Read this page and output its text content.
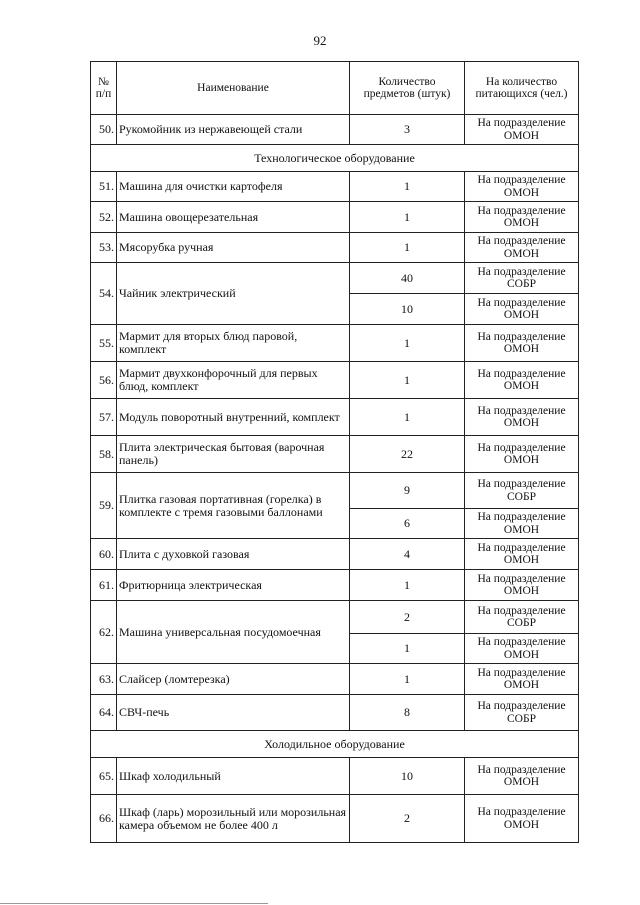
92
№ п/п	Наименование	Количество предметов (штук)	На количество питающихся (чел.)
50.	Рукомойник из нержавеющей стали	3	На подразделение ОМОН
Технологическое оборудование			
51.	Машина для очистки картофеля	1	На подразделение ОМОН
52.	Машина овощерезательная	1	На подразделение ОМОН
53.	Мясорубка ручная	1	На подразделение ОМОН
54.	Чайник электрический	40	На подразделение СОБР
		10	На подразделение ОМОН
55.	Мармит для вторых блюд паровой, комплект	1	На подразделение ОМОН
56.	Мармит двухконфорочный для первых блюд, комплект	1	На подразделение ОМОН
57.	Модуль поворотный внутренний, комплект	1	На подразделение ОМОН
58.	Плита электрическая бытовая (варочная панель)	22	На подразделение ОМОН
59.	Плитка газовая портативная (горелка) в комплекте с тремя газовыми баллонами	9	На подразделение СОБР
		6	На подразделение ОМОН
60.	Плита с духовкой газовая	4	На подразделение ОМОН
61.	Фритюрница электрическая	1	На подразделение ОМОН
62.	Машина универсальная посудомоечная	2	На подразделение СОБР
		1	На подразделение ОМОН
63.	Слайсер (ломтерезка)	1	На подразделение ОМОН
64.	СВЧ-печь	8	На подразделение СОБР
Холодильное оборудование			
65.	Шкаф холодильный	10	На подразделение ОМОН
66.	Шкаф (ларь) морозильный или морозильная камера объемом не более 400 л	2	На подразделение ОМОН
